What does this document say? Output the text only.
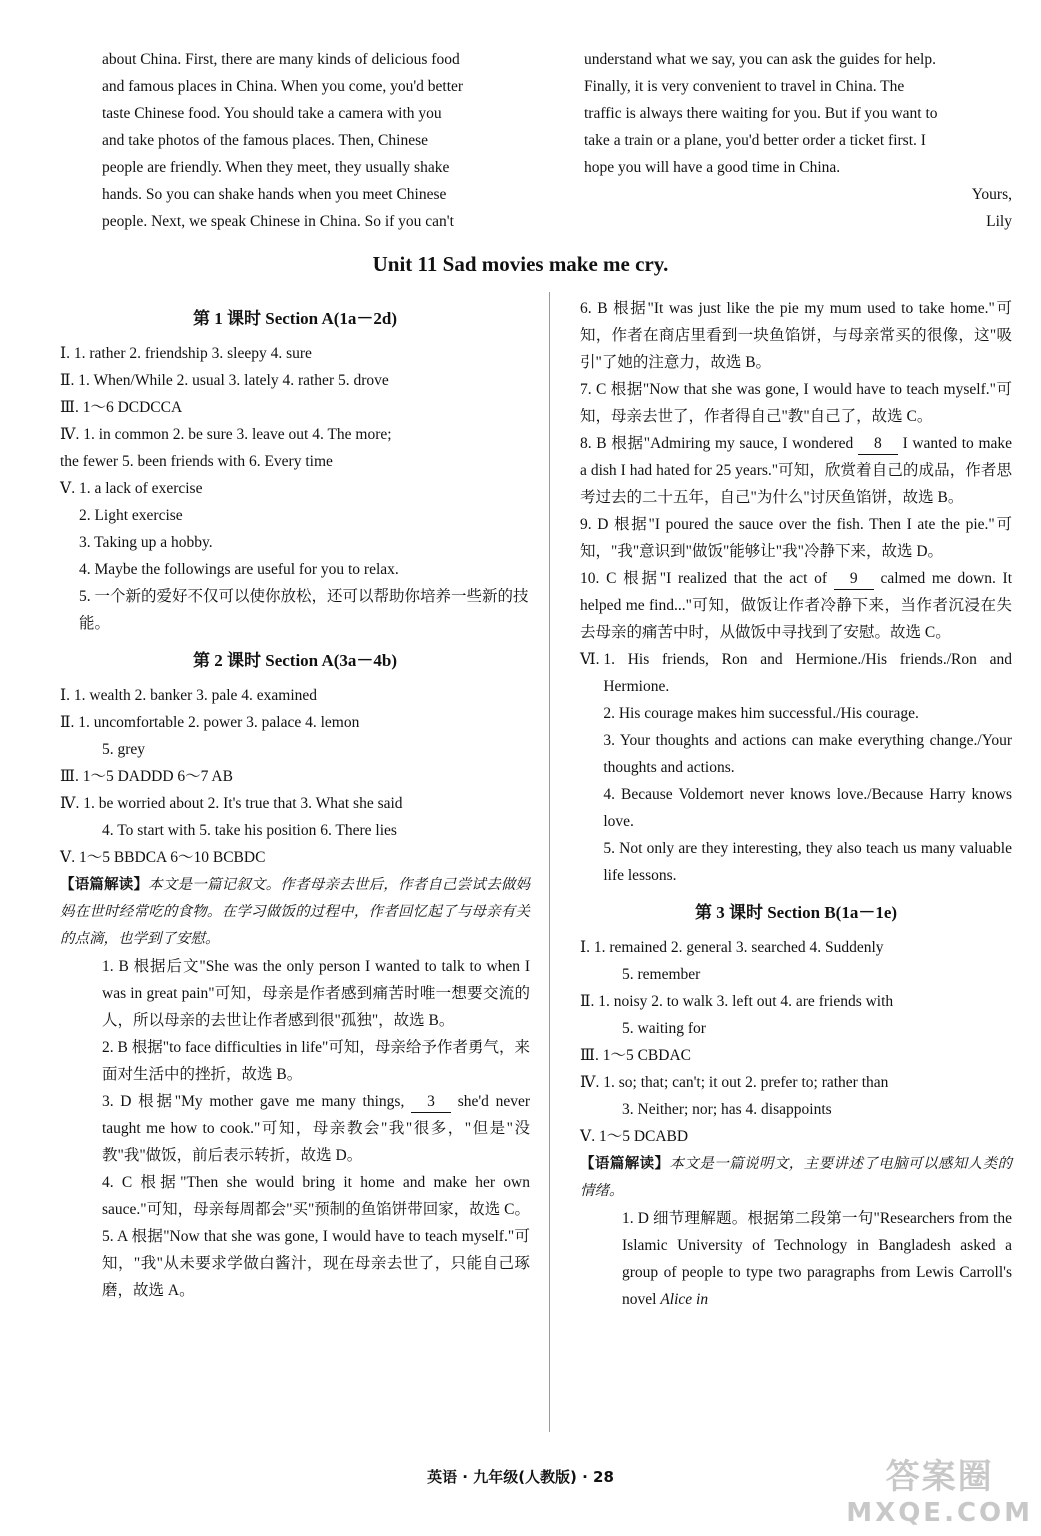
about China. First, there are many kinds of delicious food
and famous places in China. When you come, you'd better
taste Chinese food. You should take a camera with you
and take photos of the famous places. Then, Chinese
people are friendly. When they meet, they usually shake
hands. So you can shake hands when you meet Chinese
people. Next, we speak Chinese in China. So if you can't
understand what we say, you can ask the guides for help.
Finally, it is very convenient to travel in China. The
traffic is always there waiting for you. But if you want to
take a train or a plane, you'd better order a ticket first. I
hope you will have a good time in China.
Yours,
Lily
Unit 11 Sad movies make me cry.
第 1 课时 Section A(1a－2d)
Ⅰ. 1. rather 2. friendship 3. sleepy 4. sure
Ⅱ. 1. When/While 2. usual 3. lately 4. rather 5. drove
Ⅲ. 1～6 DCDCCA
Ⅳ. 1. in common 2. be sure 3. leave out 4. The more;
the fewer 5. been friends with 6. Every time
Ⅴ. 1. a lack of exercise
2. Light exercise
3. Taking up a hobby.
4. Maybe the followings are useful for you to relax.
5. 一个新的爱好不仅可以使你放松，还可以帮助你培养一些新的技能。
第 2 课时 Section A(3a－4b)
Ⅰ. 1. wealth 2. banker 3. pale 4. examined
Ⅱ. 1. uncomfortable 2. power 3. palace 4. lemon
5. grey
Ⅲ. 1～5 DADDD 6～7 AB
Ⅳ. 1. be worried about 2. It's true that 3. What she said
4. To start with 5. take his position 6. There lies
Ⅴ. 1～5 BBDCA 6～10 BCBDC
【语篇解读】本文是一篇记叙文。作者母亲去世后，作者自己尝试去做妈妈在世时经常吃的食物。在学习做饭的过程中，作者回忆起了与母亲有关的点滴，也学到了安慰。
1. B 根据后文"She was the only person I wanted to talk to when I was in great pain"可知，母亲是作者感到痛苦时唯一想要交流的人，所以母亲的去世让作者感到很"孤独"，故选 B。
2. B 根据"to face difficulties in life"可知，母亲给予作者勇气，来面对生活中的挫折，故选 B。
3. D 根据"My mother gave me many things, 3 she'd never taught me how to cook."可知，母亲教会"我"很多，"但是"没教"我"做饭，前后表示转折，故选 D。
4. C 根据"Then she would bring it home and make her own sauce."可知，母亲每周都会"买"预制的鱼馅饼带回家，故选 C。
5. A 根据"Now that she was gone, I would have to teach myself."可知，"我"从未要求学做白酱汁，现在母亲去世了，只能自己琢磨，故选 A。
6. B 根据"It was just like the pie my mum used to take home."可知，作者在商店里看到一块鱼馅饼，与母亲常买的很像，这"吸引"了她的注意力，故选 B。
7. C 根据"Now that she was gone, I would have to teach myself."可知，母亲去世了，作者得自己"教"自己了，故选 C。
8. B 根据"Admiring my sauce, I wondered 8 I wanted to make a dish I had hated for 25 years."可知，欣赏着自己的成品，作者思考过去的二十五年，自己"为什么"讨厌鱼馅饼，故选 B。
9. D 根据"I poured the sauce over the fish. Then I ate the pie."可知，"我"意识到"做饭"能够让"我"冷静下来，故选 D。
10. C 根据"I realized that the act of 9 calmed me down. It helped me find..."可知，做饭让作者冷静下来，当作者沉浸在失去母亲的痛苦中时，从做饭中寻找到了安慰。故选 C。
Ⅵ. 1. His friends, Ron and Hermione./His friends./Ron and Hermione.
2. His courage makes him successful./His courage.
3. Your thoughts and actions can make everything change./Your thoughts and actions.
4. Because Voldemort never knows love./Because Harry knows love.
5. Not only are they interesting, they also teach us many valuable life lessons.
第 3 课时 Section B(1a－1e)
Ⅰ. 1. remained 2. general 3. searched 4. Suddenly
5. remember
Ⅱ. 1. noisy 2. to walk 3. left out 4. are friends with
5. waiting for
Ⅲ. 1～5 CBDAC
Ⅳ. 1. so; that; can't; it out 2. prefer to; rather than
3. Neither; nor; has 4. disappoints
Ⅴ. 1～5 DCABD
【语篇解读】本文是一篇说明文，主要讲述了电脑可以感知人类的情绪。
1. D 细节理解题。根据第二段第一句"Researchers from the Islamic University of Technology in Bangladesh asked a group of people to type two paragraphs from Lewis Carroll's novel Alice in
英语 · 九年级(人教版) · 28	答案圈
MXQE.COM
